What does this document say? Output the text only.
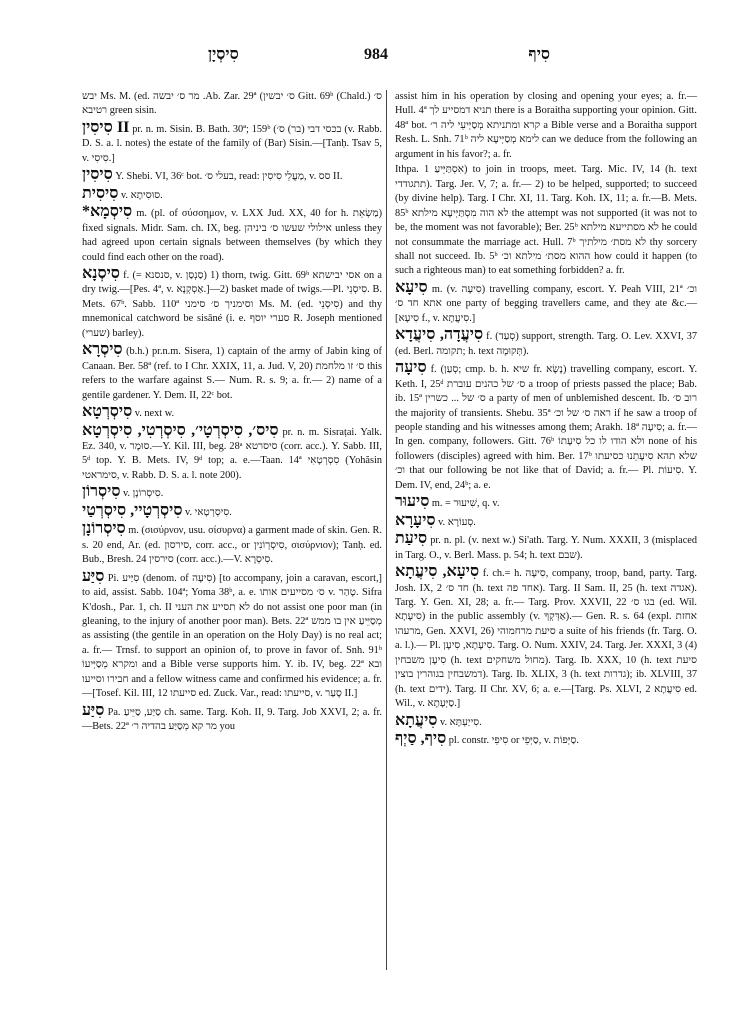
סִיסְיָן	984	סִיף

יבש Ms. M. (ed. מר ס׳ יבשה .Ab. Zar. 29ª (ס׳ יבשין Gitt. 69ᵇ (Chald.) ס׳ רטיבא green sisin.

סִיסִין II pr. n. m. Sisin. B. Bath. 30ª; 159ᵇ (בכסי דבי (בר) ס׳ (v. Rabb. D. S. a. l. notes) the estate of the family of (Bar) Sisin.—[Tanḥ. Tsav 5, v. סִיסִי.]

סִיסִין Y. Shebi. VI, 36ᶜ bot. בעלי ס׳, read: מַעֲלֵי סִיסִין, v. סס II.

סִיסִית v. סוּסִיתָא.

*סִיסְמָא m. (pl. of σύσσημον, v. LXX Jud. XX, 40 for h. מַשְׂאֵת) fixed signals. Midr. Sam. ch. IX, beg. אילולי שעשו ס׳ ביניהן unless they had agreed upon certain signals between themselves (by which they could find each other on the road).

סִיסְנָא f. (= סנסנא, v. סַנְסַן) 1) thorn, twig. Gitt. 69ᵇ אסי יבישתא on a dry twig.—[Pes. 4ª, v. אַסְקְנָא.]—2) basket made of twigs.—Pl. סִיסְנֵי. B. Mets. 67ᵇ. Sabb. 110ª וסימניך ס׳ סימני Ms. M. (ed. סִיסְנֵי) and thy mnemonical catchword be sisāné (i. e. סערי יוסף R. Joseph mentioned (שערי) barley).

סִיסְרָא (b.h.) pr.n.m. Sisera, 1) captain of the army of Jabin king of Canaan. Ber. 58ª (ref. to I Chr. XXIX, 11, a. Jud. V, 20) ס׳ זו מלחמת this refers to the warfare against S.— Num. R. s. 9; a. fr.— 2) name of a gentile gardener. Y. Dem. II, 22ᶜ bot.

סִיסְרְטָא v. next w.

סִיס׳, סִיסְרְטָי׳, סִיסְרְטִי, סִיסְרְטָא pr. n. m. Sisraṭai. Yalk. Ez. 340, v. סוּמָר.—Y. Kil. III, beg. 28ᵃ סיסרטא (corr. acc.). Y. Sabb. III, 5ᵈ top. Y. B. Mets. IV, 9ᵈ top; a. e.—Taan. 14ª סִסְרְטָאִי (Yohăsin סימראטי, v. Rabb. D. S. a. l. note 200).

סִיסְרוֹן v. סִיסְרוֹנָן.

סִיסְרְטָיי, סִיסְרְטַי v. סִיסְרְטָאי.

סִיסְרוֹנָן m. (σισύρνον, usu. σίσυρνα) a garment made of skin. Gen. R. s. 20 end, Ar. (ed. סירסון, corr. acc., or סִיסְרְוֹנִין, σισύρνιον); Tanḥ. ed. Bub., Bresh. 24 סירסין (corr. acc.).—V. סִיסְרָא.

סִיַּע Pi. סִיַּיע (denom. of סִיעָה) [to accompany, join a caravan, escort,] to aid, assist. Sabb. 104ª; Yoma 38ᵇ, a. e. ס׳ מסייעים אותו v. טָהַר. Sifra K'dosh., Par. 1, ch. II לא תסייע את העני do not assist one poor man (in gleaning, to the injury of another poor man). Bets. 22ª מְסַיֵּיעַ אין בו ממש as assisting (the gentile in an operation on the Holy Day) is no real act; a. fr.— Trnsf. to support an opinion of, to prove in favor of. Snh. 91ᵇ ומקרא מְסַיְּיעוֹ and a Bible verse supports him. Y. ib. IV, beg. 22ª ובא חבירו וסייעו and a fellow witness came and confirmed his evidence; a. fr.—[Tosef. Kil. III, 12 סייעתו ed. Zuck. Var., read: סייעתו, v. סָעַר II.]

סִיַּע Pa. סַיַּע, סַיֵּיעַ ch. same. Targ. Koh. II, 9. Targ. Job XXVI, 2; a. fr.—Bets. 22ª מר קא מְסַיַּע בהדיה ר׳ you

assist him in his operation by closing and opening your eyes; a. fr.— Hull. 4ª תניא דמסייע לך there is a Boraitha supporting your opinion. Gitt. 48ª bot. קרא ומתניתא מְסַיְּיעֵי ליה ר׳ a Bible verse and a Boraitha support Resh. L. Snh. 71ᵇ לימא מְסַיְּיעָא ליה can we deduce from the following an argument in his favor?; a. fr.

Ithpa. אִסְתַּיֵּיעַ 1) to join in troops, meet. Targ. Mic. IV, 14 (h. text תתגודדי). Targ. Jer. V, 7; a. fr.— 2) to be helped, supported; to succeed (by divine help). Targ. I Chr. XI, 11. Targ. Koh. IX, 11; a. fr.—B. Mets. 85ᵇ לא הוה מִסְתַּיְּיעָא מילתא the attempt was not supported (it was not to be, the moment was not favorable); Ber. 25ᵇ לא מסתייעא מילתא he could not consummate the marriage act. Hull. 7ᵇ לא מסת׳ מילתיך thy sorcery shall not succeed. Ib. 5ᵇ ההוא מסת׳ מילתא וכ׳ how could it happen (to such a righteous man) to eat something forbidden? a. fr.

סִיעָא m. (v. סִיעָה) travelling company, escort. Y. Peah VIII, 21ª וכ׳ אתא חד ס׳ one party of begging travellers came, and they ate &c.—[סִיעָא f., v. סִיעֲתָא.]

סִיעֲדָה, סִיעֲדָא f. (סְעַד) support, strength. Targ. O. Lev. XXVI, 37 (ed. Berl. תקומה; h. text תְּקוּמָה).

סִיעָה f. (סְעַן; cmp. b. h. שיא fr. נָשָׂא) travelling company, escort. Y. Keth. I, 25ᵈ ס׳ של כהנים עוברת a troop of priests passed the place; Bab. ib. 15ª ס׳ של ... כשרין a party of men of unblemished descent. Ib. רוב ס׳ the majority of transients. Shebu. 35ª ראה ס׳ של וכ׳ if he saw a troop of people standing and his witnesses among them; Arakh. 18ª סִיעָה; a. fr.— In gen. company, followers. Gitt. 76ᵇ ולא הודו לו כל סִיעָתוֹ none of his followers (disciples) agreed with him. Ber. 17ᵇ שלא תהא סִיעָתֵנוּ כסיעתו וכ׳ that our following be not like that of David; a. fr.— Pl. סִיעוֹת. Y. Dem. IV, end, 24ᵇ; a. e.

סִיעוּר m. = שִׁיעוּר, q. v.

סִיעָרָא v. סְעוֹרָא.

סִיעַת pr. n. pl. (v. next w.) Si'ath. Targ. Y. Num. XXXII, 3 (misplaced in Targ. O., v. Berl. Mass. p. 54; h. text שבם).

סִיעָא, סִיעֲתָא f. ch.= h. סִיעָה, company, troop, band, party. Targ. Josh. IX, 2 חד ס׳ (h. text אחד פה). Targ. II Sam. II, 25 (h. text אגדה). Targ. Y. Gen. XI, 28; a. fr.— Targ. Prov. XXVII, 22 בגו ס׳ (ed. Wil. סִיעָתָא) in the public assembly (v. אַדְּקְךָ).— Gen. R. s. 64 (expl. אחזת מרעהו, Gen. XXVI, 26) סיעת מרחמוהי a suite of his friends (fr. Targ. O. a. l.).— Pl. סִיעָתָא, סִיעָן. Targ. O. Num. XXIV, 24. Targ. Jer. XXXI, 3 (4) סִיעָן משבחין (h. text מחול משחקים). Targ. Ib. XXX, 10 (h. text סיעת דמשבחין בגוהרין בוצין). Targ. Ib. XLIX, 3 (h. text גדרות); ib. XLVIII, 37 (h. text ידים). Targ. II Chr. XV, 6; a. e.—[Targ. Ps. XLVI, 2 סִיעֲתָא ed. Wil., v. סַיְּעָתָא.]

סִיעֲתָא v. סִייַעְתָּא.

סִיף, סַיְף pl. constr. סִיפֵי or סַיְּפֵי, v. סַיְּפוֹת.
